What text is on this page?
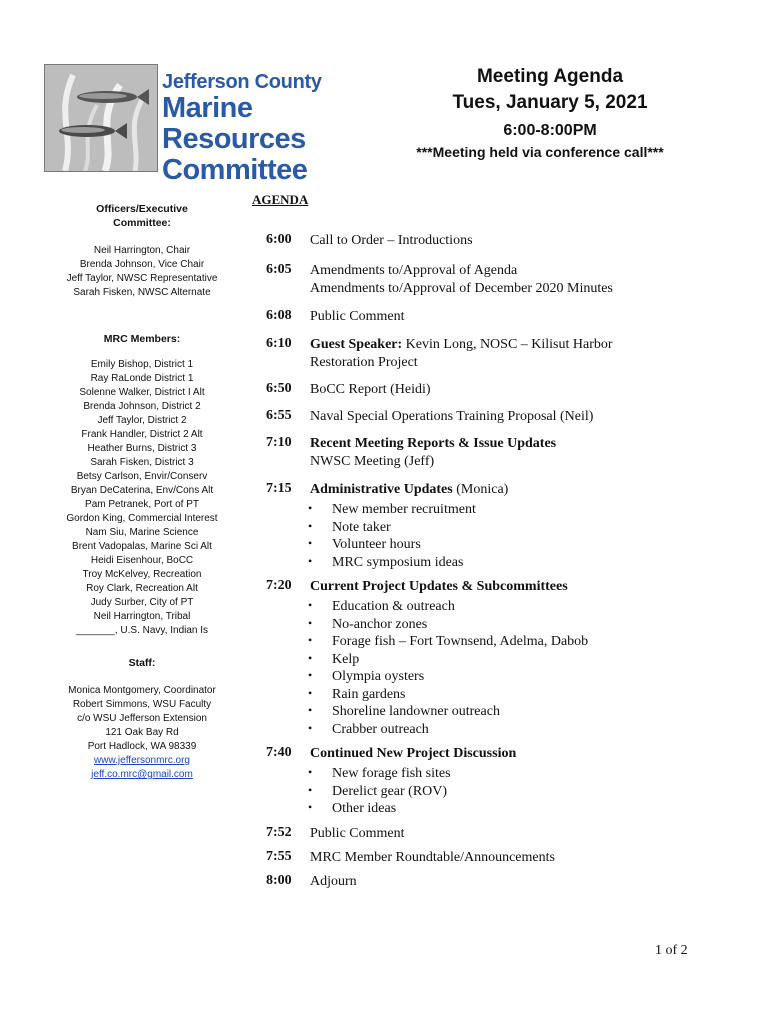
Jefferson County
Marine
Resources
Committee
Meeting Agenda
Tues, January 5, 2021
6:00-8:00PM
***Meeting held via conference call***
Officers/Executive
Committee:
Neil Harrington, Chair
Brenda Johnson, Vice Chair
Jeff Taylor, NWSC Representative
Sarah Fisken, NWSC Alternate
MRC Members:
Emily Bishop, District 1
Ray RaLonde District 1
Solenne Walker, District I Alt
Brenda Johnson, District 2
Jeff Taylor, District 2
Frank Handler, District 2 Alt
Heather Burns, District 3
Sarah Fisken, District 3
Betsy Carlson, Envir/Conserv
Bryan DeCaterina, Env/Cons Alt
Pam Petranek, Port of PT
Gordon King, Commercial Interest
Nam Siu, Marine Science
Brent Vadopalas, Marine Sci Alt
Heidi Eisenhour, BoCC
Troy McKelvey, Recreation
Roy Clark, Recreation Alt
Judy Surber, City of PT
Neil Harrington, Tribal
_______, U.S. Navy, Indian Is
Staff:
Monica Montgomery, Coordinator
Robert Simmons, WSU Faculty
c/o WSU Jefferson Extension
121 Oak Bay Rd
Port Hadlock, WA 98339
www.jeffersonmrc.org
jeff.co.mrc@gmail.com
AGENDA
6:00	Call to Order – Introductions
6:05	Amendments to/Approval of Agenda
Amendments to/Approval of December 2020 Minutes
6:08	Public Comment
6:10	Guest Speaker: Kevin Long, NOSC – Kilisut Harbor
Restoration Project
6:50	BoCC Report (Heidi)
6:55	Naval Special Operations Training Proposal (Neil)
7:10	Recent Meeting Reports & Issue Updates
NWSC Meeting (Jeff)
7:15	Administrative Updates (Monica)
• New member recruitment
• Note taker
• Volunteer hours
• MRC symposium ideas
7:20	Current Project Updates & Subcommittees
• Education & outreach
• No-anchor zones
• Forage fish – Fort Townsend, Adelma, Dabob
• Kelp
• Olympia oysters
• Rain gardens
• Shoreline landowner outreach
• Crabber outreach
7:40	Continued New Project Discussion
• New forage fish sites
• Derelict gear (ROV)
• Other ideas
7:52	Public Comment
7:55	MRC Member Roundtable/Announcements
8:00	Adjourn
1 of 2
